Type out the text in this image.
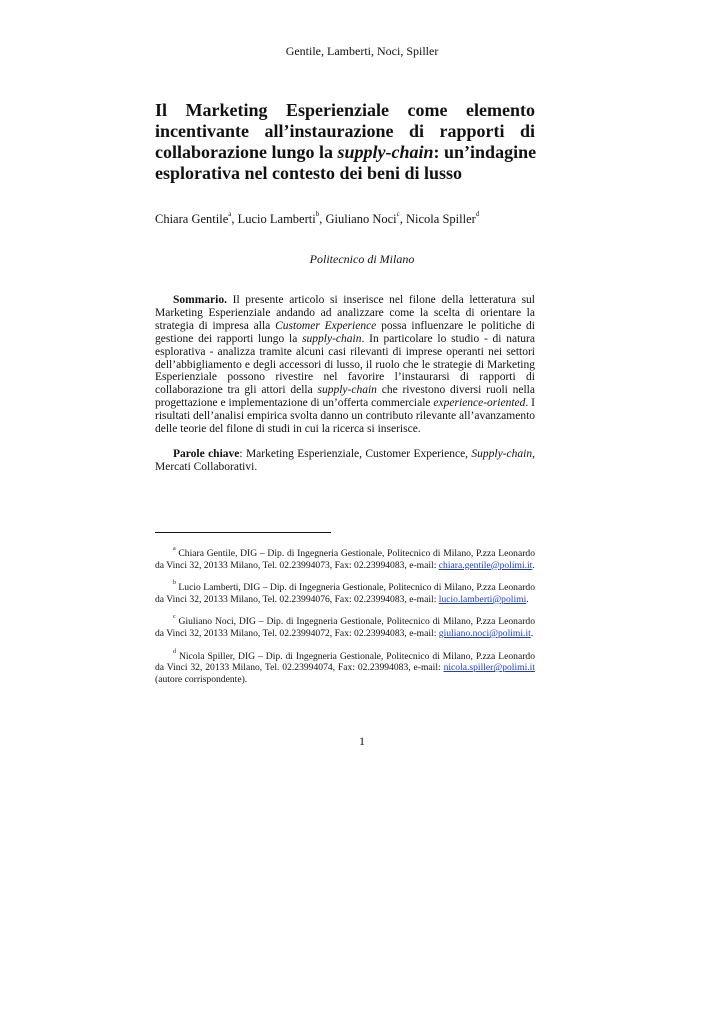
Gentile, Lamberti, Noci, Spiller
Il Marketing Esperienziale come elemento
incentivante all’instaurazione di rapporti di
collaborazione lungo la supply-chain: un’indagine
esplorativa nel contesto dei beni di lusso
Chiara Gentile$^a$, Lucio Lamberti$^b$, Giuliano Noci$^c$, Nicola Spiller$^d$
Politecnico di Milano

Sommario. Il presente articolo si inserisce nel filone della letteratura sul Marketing Esperienziale andando ad analizzare come la scelta di orientare la strategia di impresa alla Customer Experience possa influenzare le politiche di gestione dei rapporti lungo la supply-chain. In particolare lo studio - di natura esplorativa - analizza tramite alcuni casi rilevanti di imprese operanti nei settori dell’abbigliamento e degli accessori di lusso, il ruolo che le strategie di Marketing Esperienziale possono rivestire nel favorire l’instaurarsi di rapporti di collaborazione tra gli attori della supply-chain che rivestono diversi ruoli nella progettazione e implementazione di un’offerta commerciale experience-oriented. I risultati dell’analisi empirica svolta danno un contributo rilevante all’avanzamento delle teorie del filone di studi in cui la ricerca si inserisce.

Parole chiave: Marketing Esperienziale, Customer Experience, Supply-chain, Mercati Collaborativi.

$^a$ Chiara Gentile, DIG – Dip. di Ingegneria Gestionale, Politecnico di Milano, P.zza Leonardo da Vinci 32, 20133 Milano, Tel. 02.23994073, Fax: 02.23994083, e-mail: chiara.gentile@polimi.it.

$^b$ Lucio Lamberti, DIG – Dip. di Ingegneria Gestionale, Politecnico di Milano, P.zza Leonardo da Vinci 32, 20133 Milano, Tel. 02.23994076, Fax: 02.23994083, e-mail: lucio.lamberti@polimi.

$^c$ Giuliano Noci, DIG – Dip. di Ingegneria Gestionale, Politecnico di Milano, P.zza Leonardo da Vinci 32, 20133 Milano, Tel. 02.23994072, Fax: 02.23994083, e-mail: giuliano.noci@polimi.it.

$^d$ Nicola Spiller, DIG – Dip. di Ingegneria Gestionale, Politecnico di Milano, P.zza Leonardo da Vinci 32, 20133 Milano, Tel. 02.23994074, Fax: 02.23994083, e-mail: nicola.spiller@polimi.it (autore corrispondente).

1
